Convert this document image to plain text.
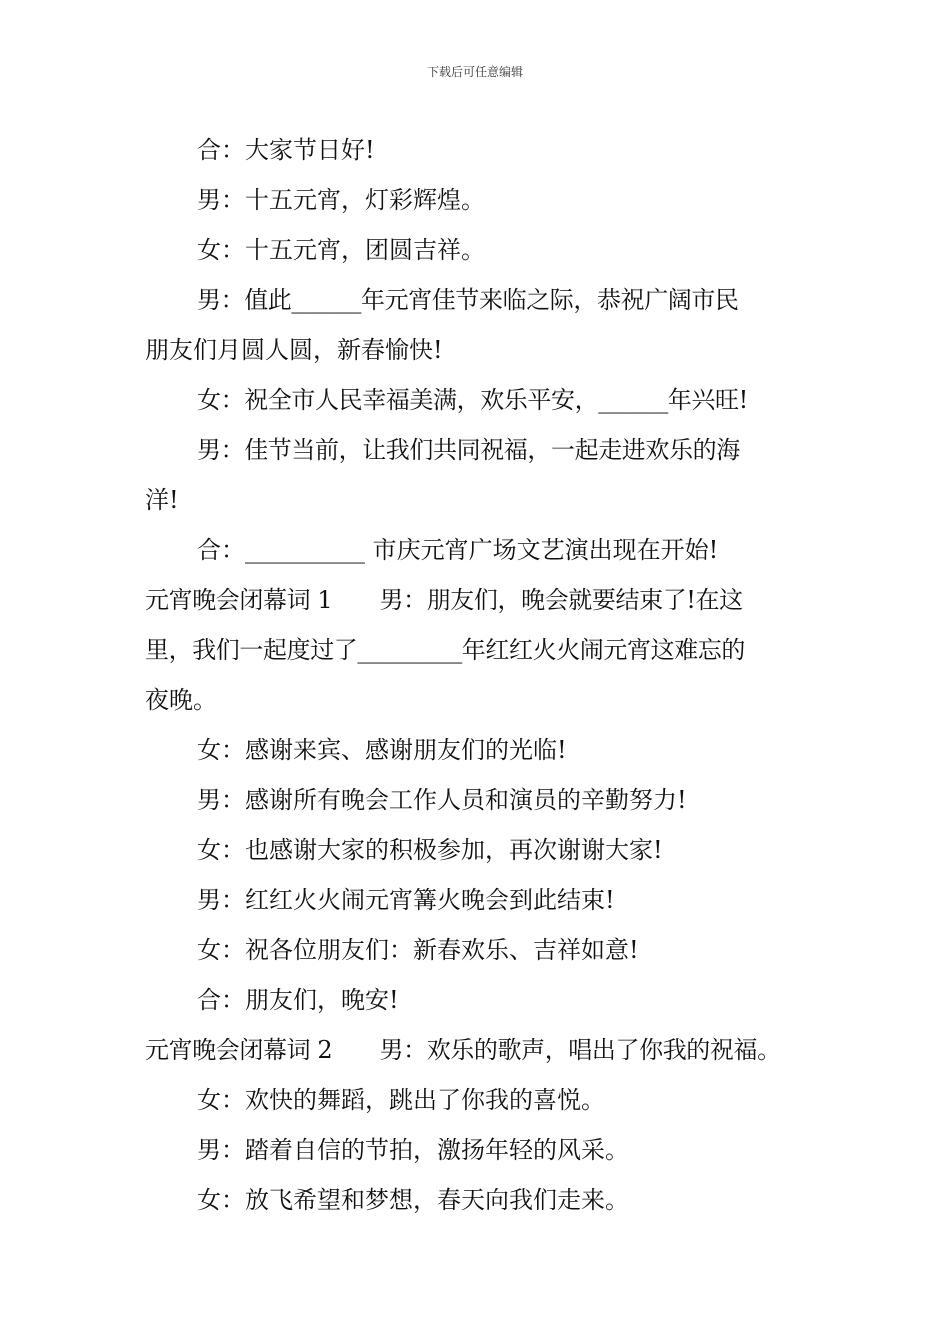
下载后可任意编辑
合：大家节日好!
男：十五元宵，灯彩辉煌。
女：十五元宵，团圆吉祥。
男：值此______年元宵佳节来临之际，恭祝广阔市民
朋友们月圆人圆，新春愉快!
女：祝全市人民幸福美满，欢乐平安，______年兴旺!
男：佳节当前，让我们共同祝福，一起走进欢乐的海
洋!
合：__________ 市庆元宵广场文艺演出现在开始!
元宵晚会闭幕词 1　　男：朋友们，晚会就要结束了!在这
里，我们一起度过了_________年红红火火闹元宵这难忘的
夜晚。
女：感谢来宾、感谢朋友们的光临!
男：感谢所有晚会工作人员和演员的辛勤努力!
女：也感谢大家的积极参加，再次谢谢大家!
男：红红火火闹元宵篝火晚会到此结束!
女：祝各位朋友们：新春欢乐、吉祥如意!
合：朋友们，晚安!
元宵晚会闭幕词 2　　男：欢乐的歌声，唱出了你我的祝福。
女：欢快的舞蹈，跳出了你我的喜悦。
男：踏着自信的节拍，激扬年轻的风采。
女：放飞希望和梦想，春天向我们走来。
